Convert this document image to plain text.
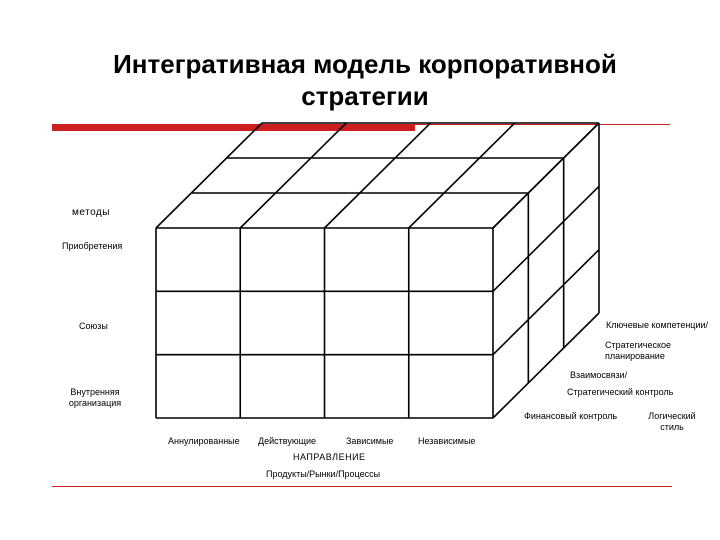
Интегративная модель корпоративной стратегии
методы
Приобретения
Союзы
Внутренняя организация
Ключевые компетенции/
Стратегическое планирование
Взаимосвязи/
Стратегический контроль
Финансовый контроль	Логический стиль
Аннулированные Действующие	Зависимые	Независимые
НАПРАВЛЕНИЕ
Продукты/Рынки/Процессы
